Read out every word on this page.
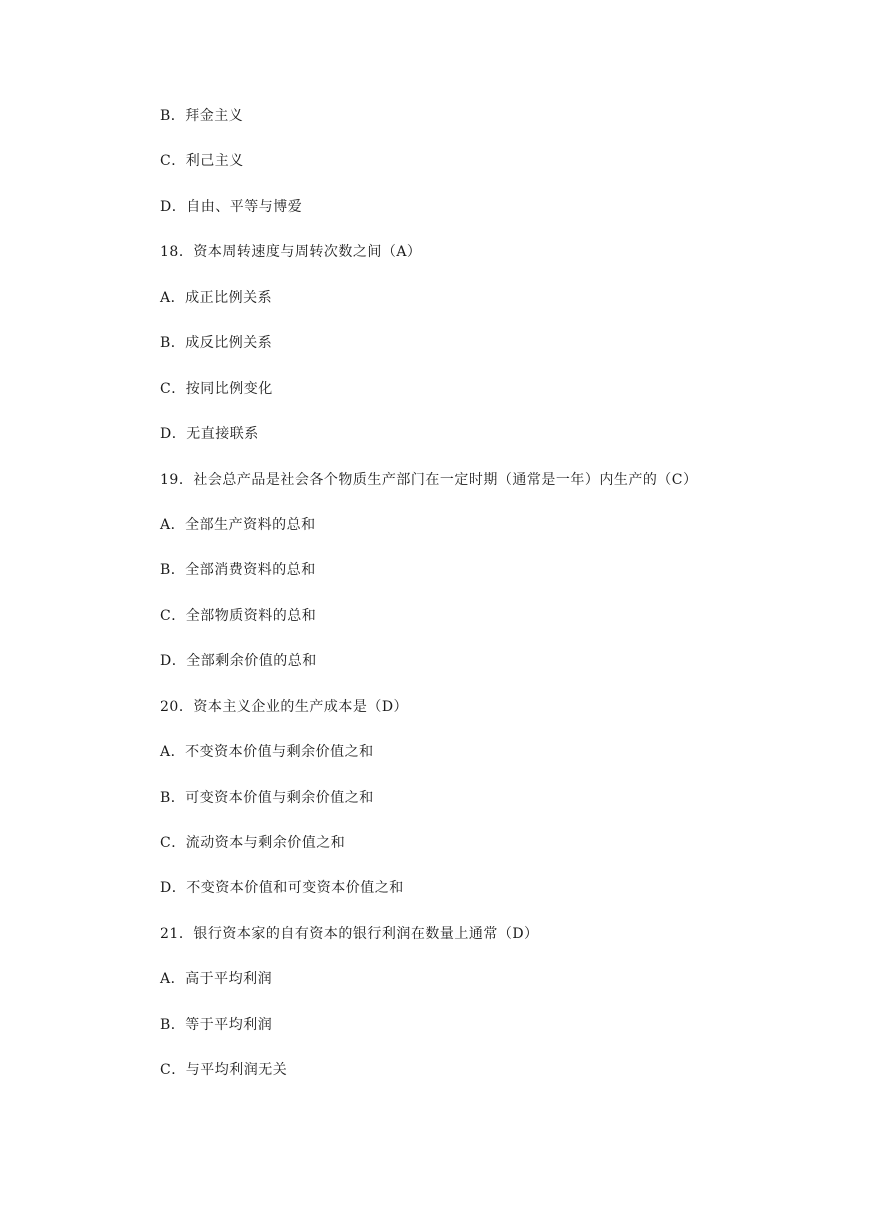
B．拜金主义
C．利己主义
D．自由、平等与博爱
18．资本周转速度与周转次数之间（A）
A．成正比例关系
B．成反比例关系
C．按同比例变化
D．无直接联系
19．社会总产品是社会各个物质生产部门在一定时期（通常是一年）内生产的（C）
A．全部生产资料的总和
B．全部消费资料的总和
C．全部物质资料的总和
D．全部剩余价值的总和
20．资本主义企业的生产成本是（D）
A．不变资本价值与剩余价值之和
B．可变资本价值与剩余价值之和
C．流动资本与剩余价值之和
D．不变资本价值和可变资本价值之和
21．银行资本家的自有资本的银行利润在数量上通常（D）
A．高于平均利润
B．等于平均利润
C．与平均利润无关
